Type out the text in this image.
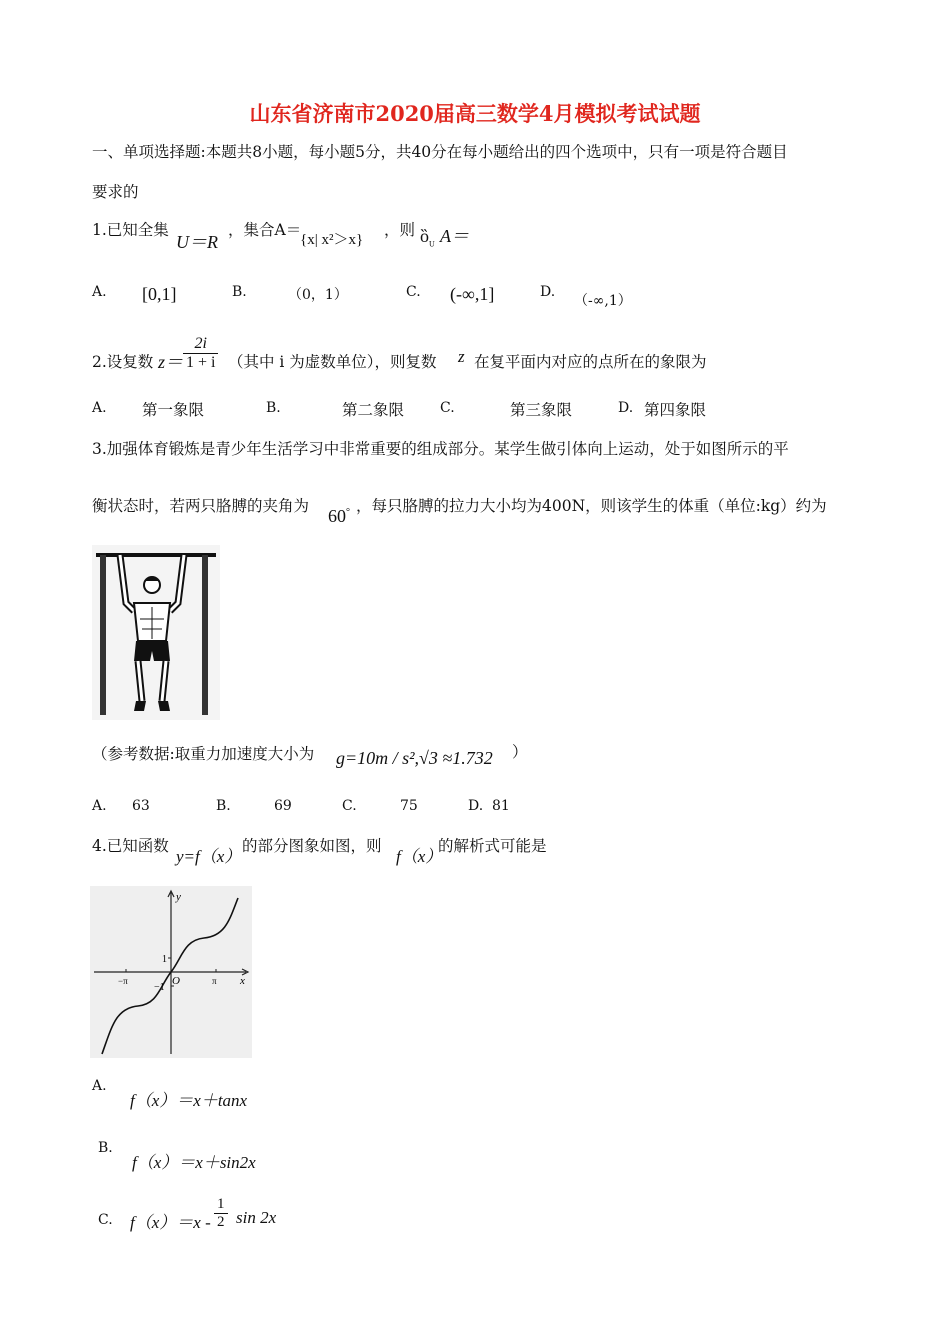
山东省济南市2020届高三数学4月模拟考试试题
一、单项选择题:本题共8小题，每小题5分，共40分在每小题给出的四个选项中，只有一项是符合题目
要求的
1.已知全集
U＝R
，集合A＝
{x| x²＞x}
，则 $ȍ_U$ A＝
A. [0,1]	B.	（0，1）	C. (-∞,1]	D.
（-∞,1）
2.设复数 $z= \frac{2i}{1 + i}$ （其中 i 为虚数单位），则复数 z 在复平面内对应的点所在的象限为
A. 第一象限	B.	第二象限	C.	第三象限	D. 第四象限
3.加强体育锻炼是青少年生活学习中非常重要的组成部分。某学生做引体向上运动，处于如图所示的平
衡状态时，若两只胳膊的夹角为 60° ，每只胳膊的拉力大小均为400N，则该学生的体重（单位:kg）约为
（参考数据:取重力加速度大小为 g=10m / s²,√3 ≈1.732 ）
A. 63	B.	69	C.	75	D. 81
4.已知函数
y=f（x）
的部分图象如图，则
f（x）
的解析式可能是
y
x
O
1
−1
−π	π
A.
f（x）＝x＋tanx
B.
f（x）＝x＋sin2x
C. $f(x)=x - \frac{1}{2}$ sin 2x
